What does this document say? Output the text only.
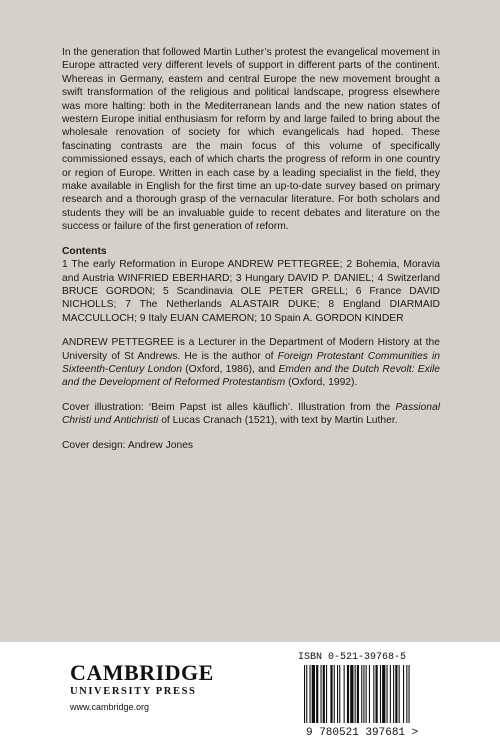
In the generation that followed Martin Luther’s protest the evangelical movement in Europe attracted very different levels of support in different parts of the continent. Whereas in Germany, eastern and central Europe the new movement brought a swift transformation of the religious and political landscape, progress elsewhere was more halting: both in the Mediterranean lands and the new nation states of western Europe initial enthusiasm for reform by and large failed to bring about the wholesale renovation of society for which evangelicals had hoped. These fascinating contrasts are the main focus of this volume of specifically commissioned essays, each of which charts the progress of reform in one country or region of Europe. Written in each case by a leading specialist in the field, they make available in English for the first time an up-to-date survey based on primary research and a thorough grasp of the vernacular literature. For both scholars and students they will be an invaluable guide to recent debates and literature on the success or failure of the first generation of reform.

Contents
1 The early Reformation in Europe ANDREW PETTEGREE; 2 Bohemia, Moravia and Austria WINFRIED EBERHARD; 3 Hungary DAVID P. DANIEL; 4 Switzerland BRUCE GORDON; 5 Scandinavia OLE PETER GRELL; 6 France DAVID NICHOLLS; 7 The Netherlands ALASTAIR DUKE; 8 England DIARMAID MACCULLOCH; 9 Italy EUAN CAMERON; 10 Spain A. GORDON KINDER

ANDREW PETTEGREE is a Lecturer in the Department of Modern History at the University of St Andrews. He is the author of Foreign Protestant Communities in Sixteenth-Century London (Oxford, 1986), and Emden and the Dutch Revolt: Exile and the Development of Reformed Protestantism (Oxford, 1992).

Cover illustration: ‘Beim Papst ist alles käuflich’. Illustration from the Passional Christi und Antichristi of Lucas Cranach (1521), with text by Martin Luther.

Cover design: Andrew Jones

CAMBRIDGE
UNIVERSITY PRESS
www.cambridge.org
ISBN 0-521-39768-5
9 780521 397681 >
